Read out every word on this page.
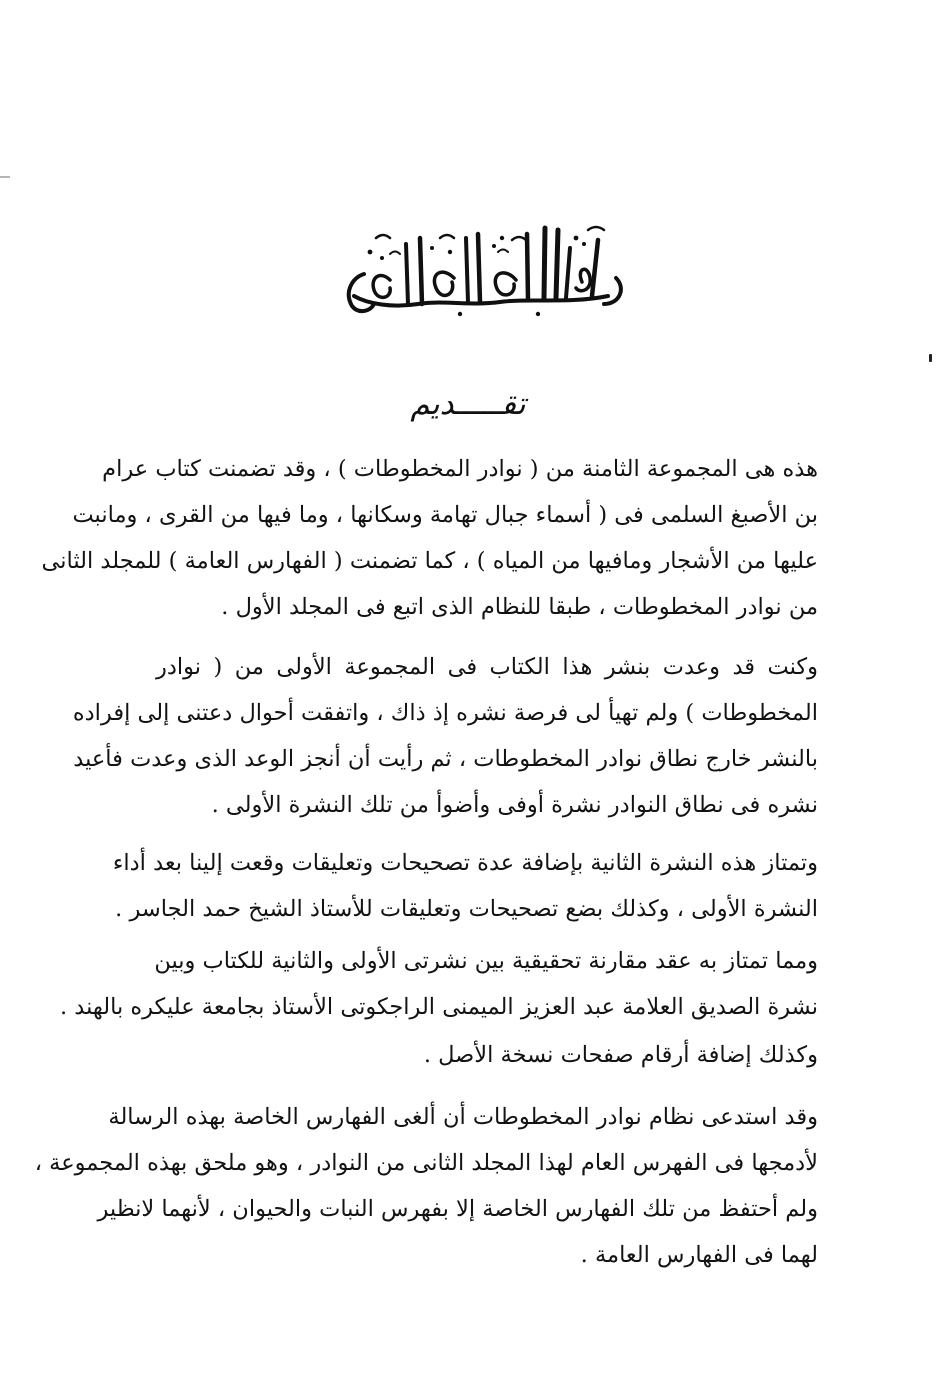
تقـــــديم
هذه هى المجموعة الثامنة من ( نوادر المخطوطات ) ، وقد تضمنت كتاب عرام
بن الأصبغ السلمى فى ( أسماء جبال تهامة وسكانها ، وما فيها من القرى ، ومانبت
عليها من الأشجار ومافيها من المياه ) ، كما تضمنت ( الفهارس العامة ) للمجلد الثانى
من نوادر المخطوطات ، طبقا للنظام الذى اتبع فى المجلد الأول .
وكنت قد وعدت بنشر هذا الكتاب فى المجموعة الأولى من ( نوادر
المخطوطات ) ولم تهيأ لى فرصة نشره إذ ذاك ، واتفقت أحوال دعتنى إلى إفراده
بالنشر خارج نطاق نوادر المخطوطات ، ثم رأيت أن أنجز الوعد الذى وعدت فأعيد
نشره فى نطاق النوادر نشرة أوفى وأضوأ من تلك النشرة الأولى .
وتمتاز هذه النشرة الثانية بإضافة عدة تصحيحات وتعليقات وقعت إلينا بعد أداء
النشرة الأولى ، وكذلك بضع تصحيحات وتعليقات للأستاذ الشيخ حمد الجاسر .
ومما تمتاز به عقد مقارنة تحقيقية بين نشرتى الأولى والثانية للكتاب وبين
نشرة الصديق العلامة عبد العزيز الميمنى الراجكوتى الأستاذ بجامعة عليكره بالهند .
وكذلك إضافة أرقام صفحات نسخة الأصل .
وقد استدعى نظام نوادر المخطوطات أن ألغى الفهارس الخاصة بهذه الرسالة
لأدمجها فى الفهرس العام لهذا المجلد الثانى من النوادر ، وهو ملحق بهذه المجموعة ،
ولم أحتفظ من تلك الفهارس الخاصة إلا بفهرس النبات والحيوان ، لأنهما لانظير
لهما فى الفهارس العامة .
